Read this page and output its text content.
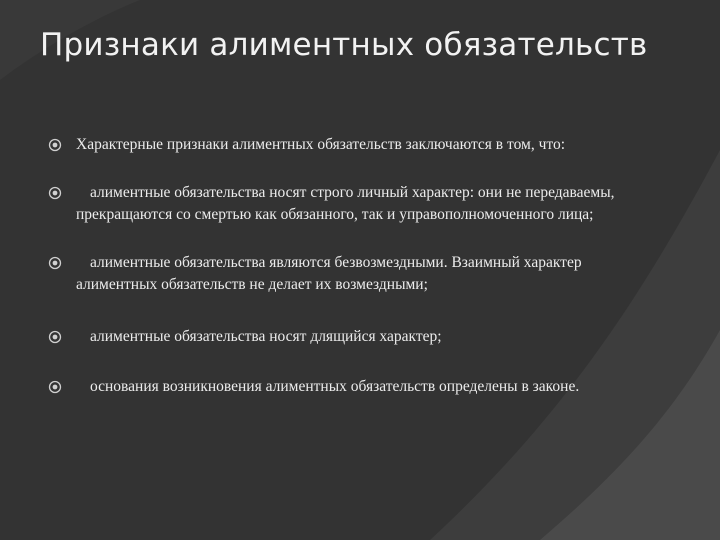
Признаки алиментных обязательств
Характерные признаки алиментных обязательств заключаются в том, что:
алиментные обязательства носят строго личный характер: они не передаваемы, прекращаются со смертью как обязанного, так и управополномоченного лица;
алиментные обязательства являются безвозмездными. Взаимный характер алиментных обязательств не делает их возмездными;
алиментные обязательства носят длящийся характер;
основания возникновения алиментных обязательств определены в законе.
